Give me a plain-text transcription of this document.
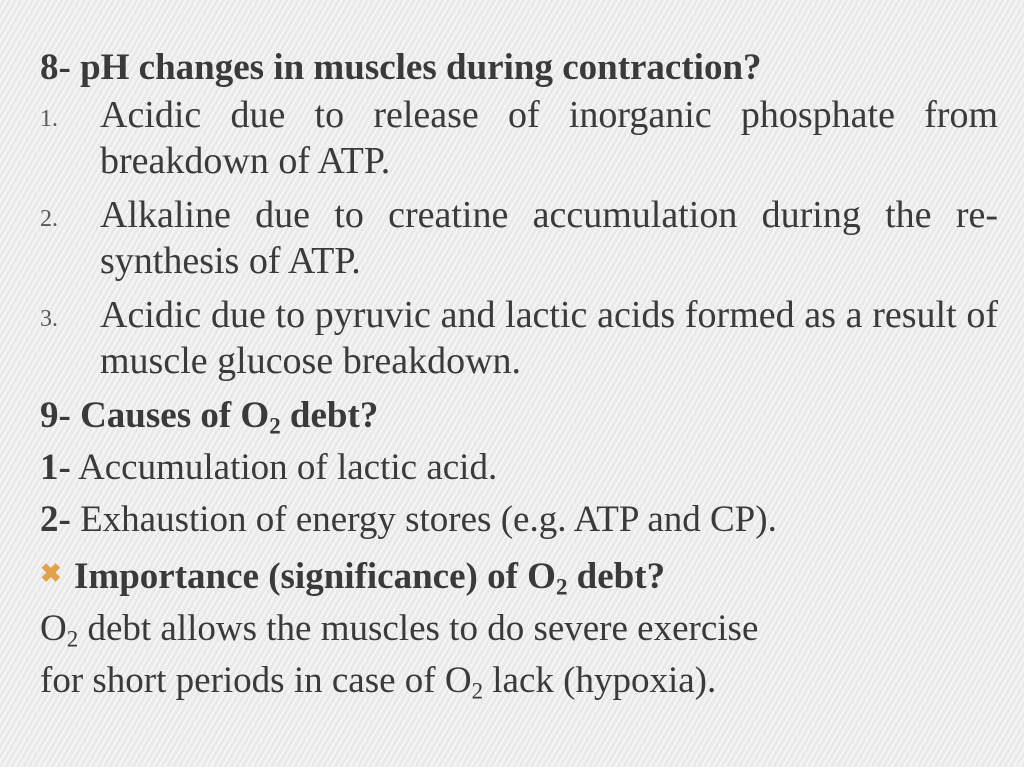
8- pH changes in muscles during contraction?

1. Acidic due to release of inorganic phosphate from breakdown of ATP.
2. Alkaline due to creatine accumulation during the re-synthesis of ATP.
3. Acidic due to pyruvic and lactic acids formed as a result of muscle glucose breakdown.

9- Causes of $O_2$ debt?

1- Accumulation of lactic acid.

2- Exhaustion of energy stores (e.g. ATP and CP).

✖ Importance (significance) of $O_2$ debt?

$O_2$ debt allows the muscles to do severe exercise

for short periods in case of $O_2$ lack (hypoxia).
